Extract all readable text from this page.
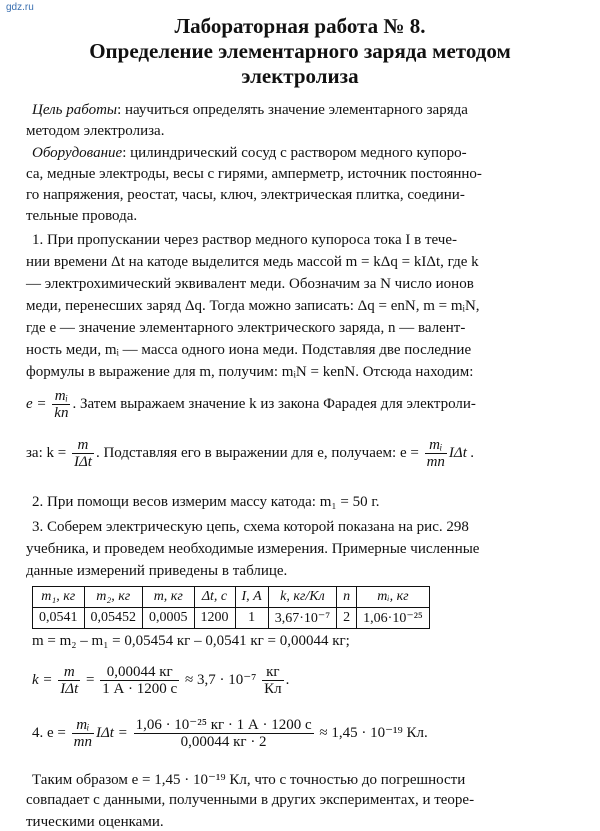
gdz.ru
Лабораторная работа № 8.
Определение элементарного заряда методом
электролиза
Цель работы: научиться определять значение элементарного заряда
методом электролиза.
Оборудование: цилиндрический сосуд с раствором медного купоро-
са, медные электроды, весы с гирями, амперметр, источник постоянно-
го напряжения, реостат, часы, ключ, электрическая плитка, соедини-
тельные провода.
1. При пропускании через раствор медного купороса тока I в тече-
нии времени Δt на катоде выделится медь массой m = kΔq = kIΔt, где k
— электрохимический эквивалент меди. Обозначим за N число ионов
меди, перенесших заряд Δq. Тогда можно записать: Δq = enN, m = mᵢN,
где e — значение элементарного электрического заряда, n — валент-
ность меди, mᵢ — масса одного иона меди. Подставляя две последние
формулы в выражение для m, получим: mᵢN = kenN. Отсюда находим:
$e = \frac{\text{mᵢ}}{kn}$ . Затем выражаем значение k из закона Фарадея для электроли-
за: $k = \frac{m}{\text{IΔt}}$ . Подставляя его в выражении для e, получаем: $e = \frac{\text{mᵢ}}{mn}$ IΔt .
2. При помощи весов измерим массу катода: m₁ = 50 г.
3. Соберем электрическую цепь, схема которой показана на рис. 298
учебника, и проведем необходимые измерения. Примерные численные
данные измерений приведены в таблице.
m₁, кг	m₂, кг	m, кг	Δt, с	I, А	k, кг/Кл	n	mᵢ, кг
0,0541	0,05452	0,0005	1200	1	3,67·10⁻⁷	2	1,06·10⁻²⁵
m = m₂ – m₁ = 0,05454 кг – 0,0541 кг = 0,00044 кг;
$k = \frac{m}{\text{IΔt}} = \frac{0,00044 кг}{1 А \cdot 1200 с} \approx 3,7 \cdot 10^{-7} \frac{кг}{Кл}$ .
4. $e = \frac{\text{mᵢ}}{mn}$ $I\Delta t = \frac{\text{1,06 · 10⁻²⁵ кг · 1 А · 1200 с}}{0,00044 кг \cdot 2} \approx 1,45 \cdot 10^{-19}$ Кл.
Таким образом e = 1,45 · 10⁻¹⁹ Кл, что с точностью до погрешности
совпадает с данными, полученными в других экспериментах, и теоре-
тическими оценками.
